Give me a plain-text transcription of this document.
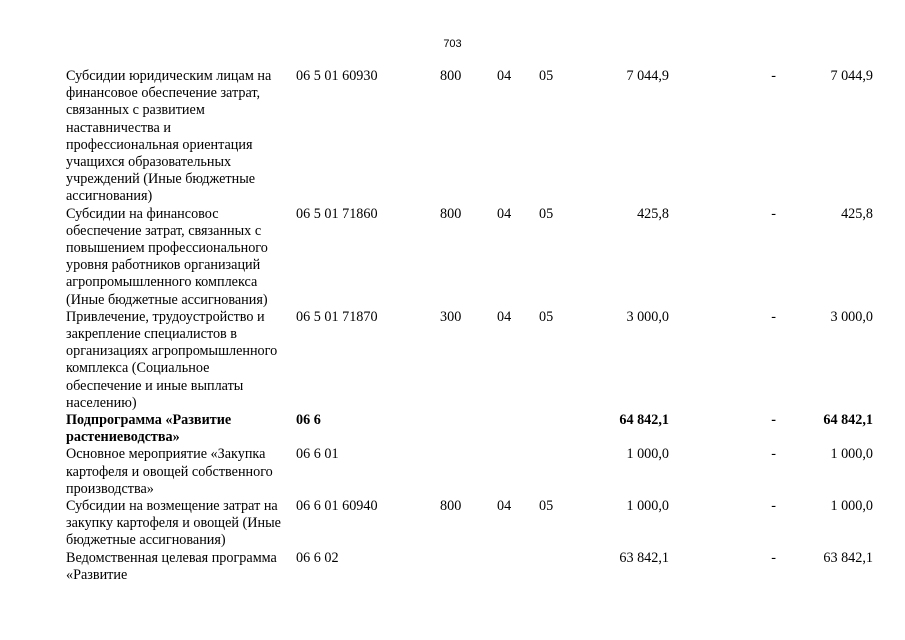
703
Субсидии юридическим лицам на финансовое обеспечение затрат, связанных с развитием наставничества и профессиональная ориентация учащихся образовательных учреждений (Иные бюджетные ассигнования)	06 5 01 60930	800	04	05	7 044,9	-	7 044,9
Субсидии на финансовос обеспечение затрат, связанных с повышением профессионального уровня работников организаций агропромышленного комплекса (Иные бюджетные ассигнования)	06 5 01 71860	800	04	05	425,8	-	425,8
Привлечение, трудоустройство и закрепление специалистов в организациях агропромышленного комплекса (Социальное обеспечение и иные выплаты населению)	06 5 01 71870	300	04	05	3 000,0	-	3 000,0
Подпрограмма «Развитие растениеводства»	06 6				64 842,1	-	64 842,1
Основное мероприятие «Закупка картофеля и овощей собственного производства»	06 6 01				1 000,0	-	1 000,0
Субсидии на возмещение затрат на закупку картофеля и овощей (Иные бюджетные ассигнования)	06 6 01 60940	800	04	05	1 000,0	-	1 000,0
Ведомственная целевая программа «Развитие	06 6 02				63 842,1	-	63 842,1
